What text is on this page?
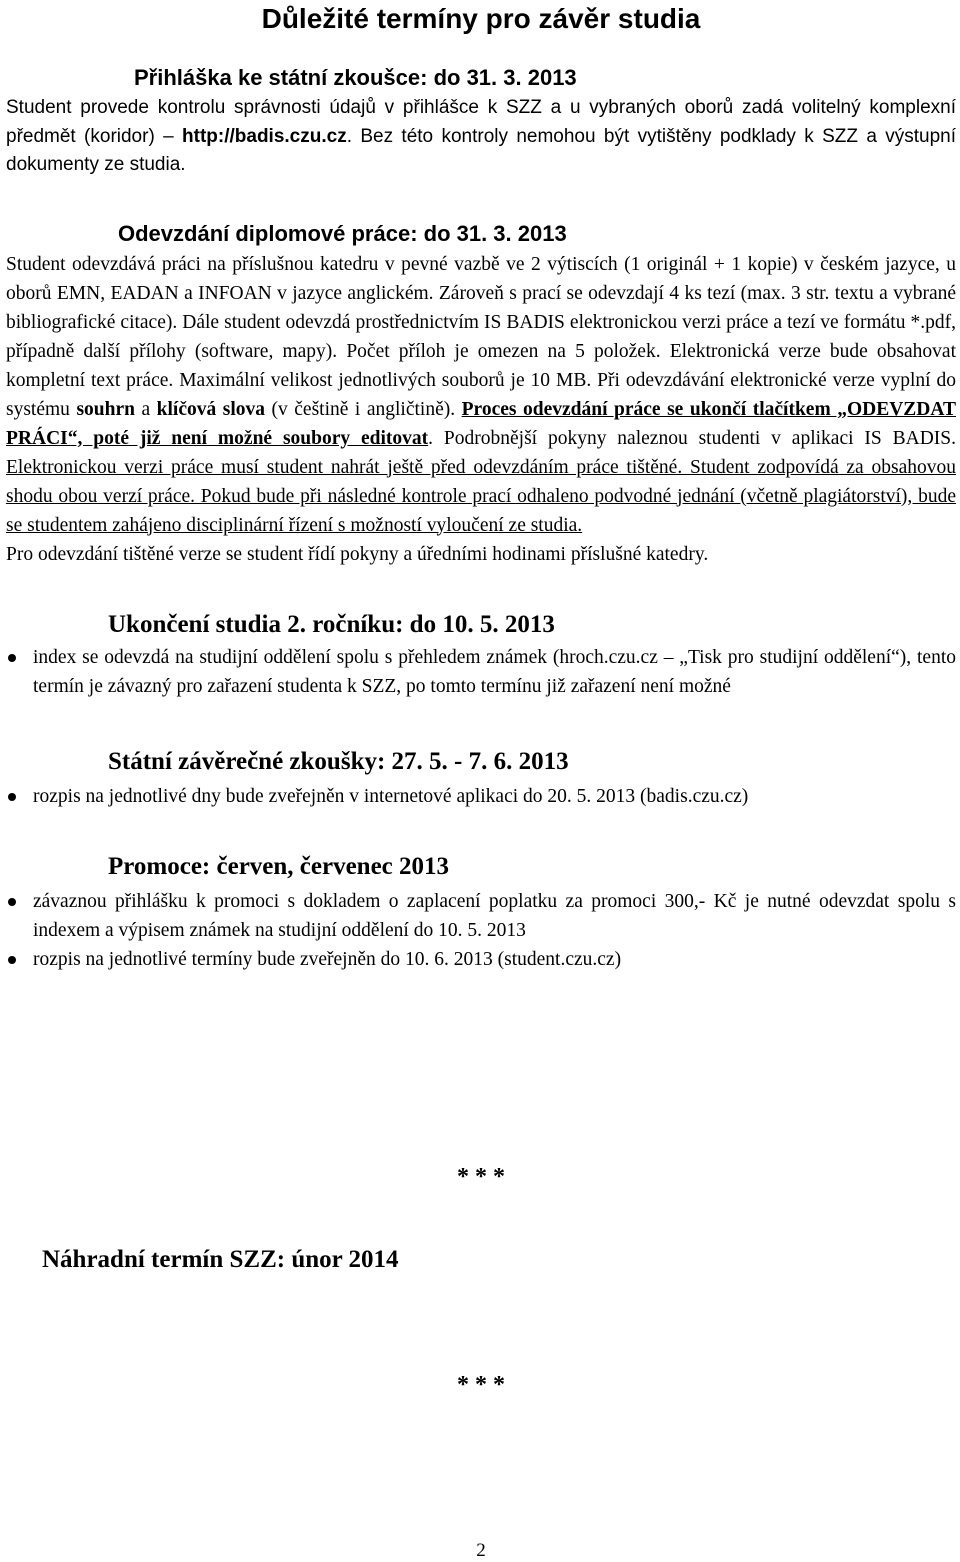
Důležité termíny pro závěr studia
Přihláška ke státní zkoušce: do 31. 3. 2013

Student provede kontrolu správnosti údajů v přihlášce k SZZ a u vybraných oborů zadá volitelný komplexní předmět (koridor) – http://badis.czu.cz. Bez této kontroly nemohou být vytištěny podklady k SZZ a výstupní dokumenty ze studia.

Odevzdání diplomové práce: do 31. 3. 2013

Student odevzdává práci na příslušnou katedru v pevné vazbě ve 2 výtiscích (1 originál + 1 kopie) v českém jazyce, u oborů EMN, EADAN a INFOAN v jazyce anglickém. Zároveň s prací se odevzdají 4 ks tezí (max. 3 str. textu a vybrané bibliografické citace). Dále student odevzdá prostřednictvím IS BADIS elektronickou verzi práce a tezí ve formátu *.pdf, případně další přílohy (software, mapy). Počet příloh je omezen na 5 položek. Elektronická verze bude obsahovat kompletní text práce. Maximální velikost jednotlivých souborů je 10 MB. Při odevzdávání elektronické verze vyplní do systému souhrn a klíčová slova (v češtině i angličtině). Proces odevzdání práce se ukončí tlačítkem „ODEVZDAT PRÁCI“, poté již není možné soubory editovat. Podrobnější pokyny naleznou studenti v aplikaci IS BADIS. Elektronickou verzi práce musí student nahrát ještě před odevzdáním práce tištěné. Student zodpovídá za obsahovou shodu obou verzí práce. Pokud bude při následné kontrole prací odhaleno podvodné jednání (včetně plagiátorství), bude se studentem zahájeno disciplinární řízení s možností vyloučení ze studia.

Pro odevzdání tištěné verze se student řídí pokyny a úředními hodinami příslušné katedry.

Ukončení studia 2. ročníku: do 10. 5. 2013
index se odevzdá na studijní oddělení spolu s přehledem známek (hroch.czu.cz – „Tisk pro studijní oddělení“), tento termín je závazný pro zařazení studenta k SZZ, po tomto termínu již zařazení není možné
Státní závěrečné zkoušky: 27. 5. - 7. 6. 2013
rozpis na jednotlivé dny bude zveřejněn v internetové aplikaci do 20. 5. 2013 (badis.czu.cz)
Promoce: červen, červenec 2013
závaznou přihlášku k promoci s dokladem o zaplacení poplatku za promoci 300,- Kč je nutné odevzdat spolu s indexem a výpisem známek na studijní oddělení do 10. 5. 2013
rozpis na jednotlivé termíny bude zveřejněn do 10. 6. 2013 (student.czu.cz)
* * *
Náhradní termín SZZ: únor 2014
* * *
2
